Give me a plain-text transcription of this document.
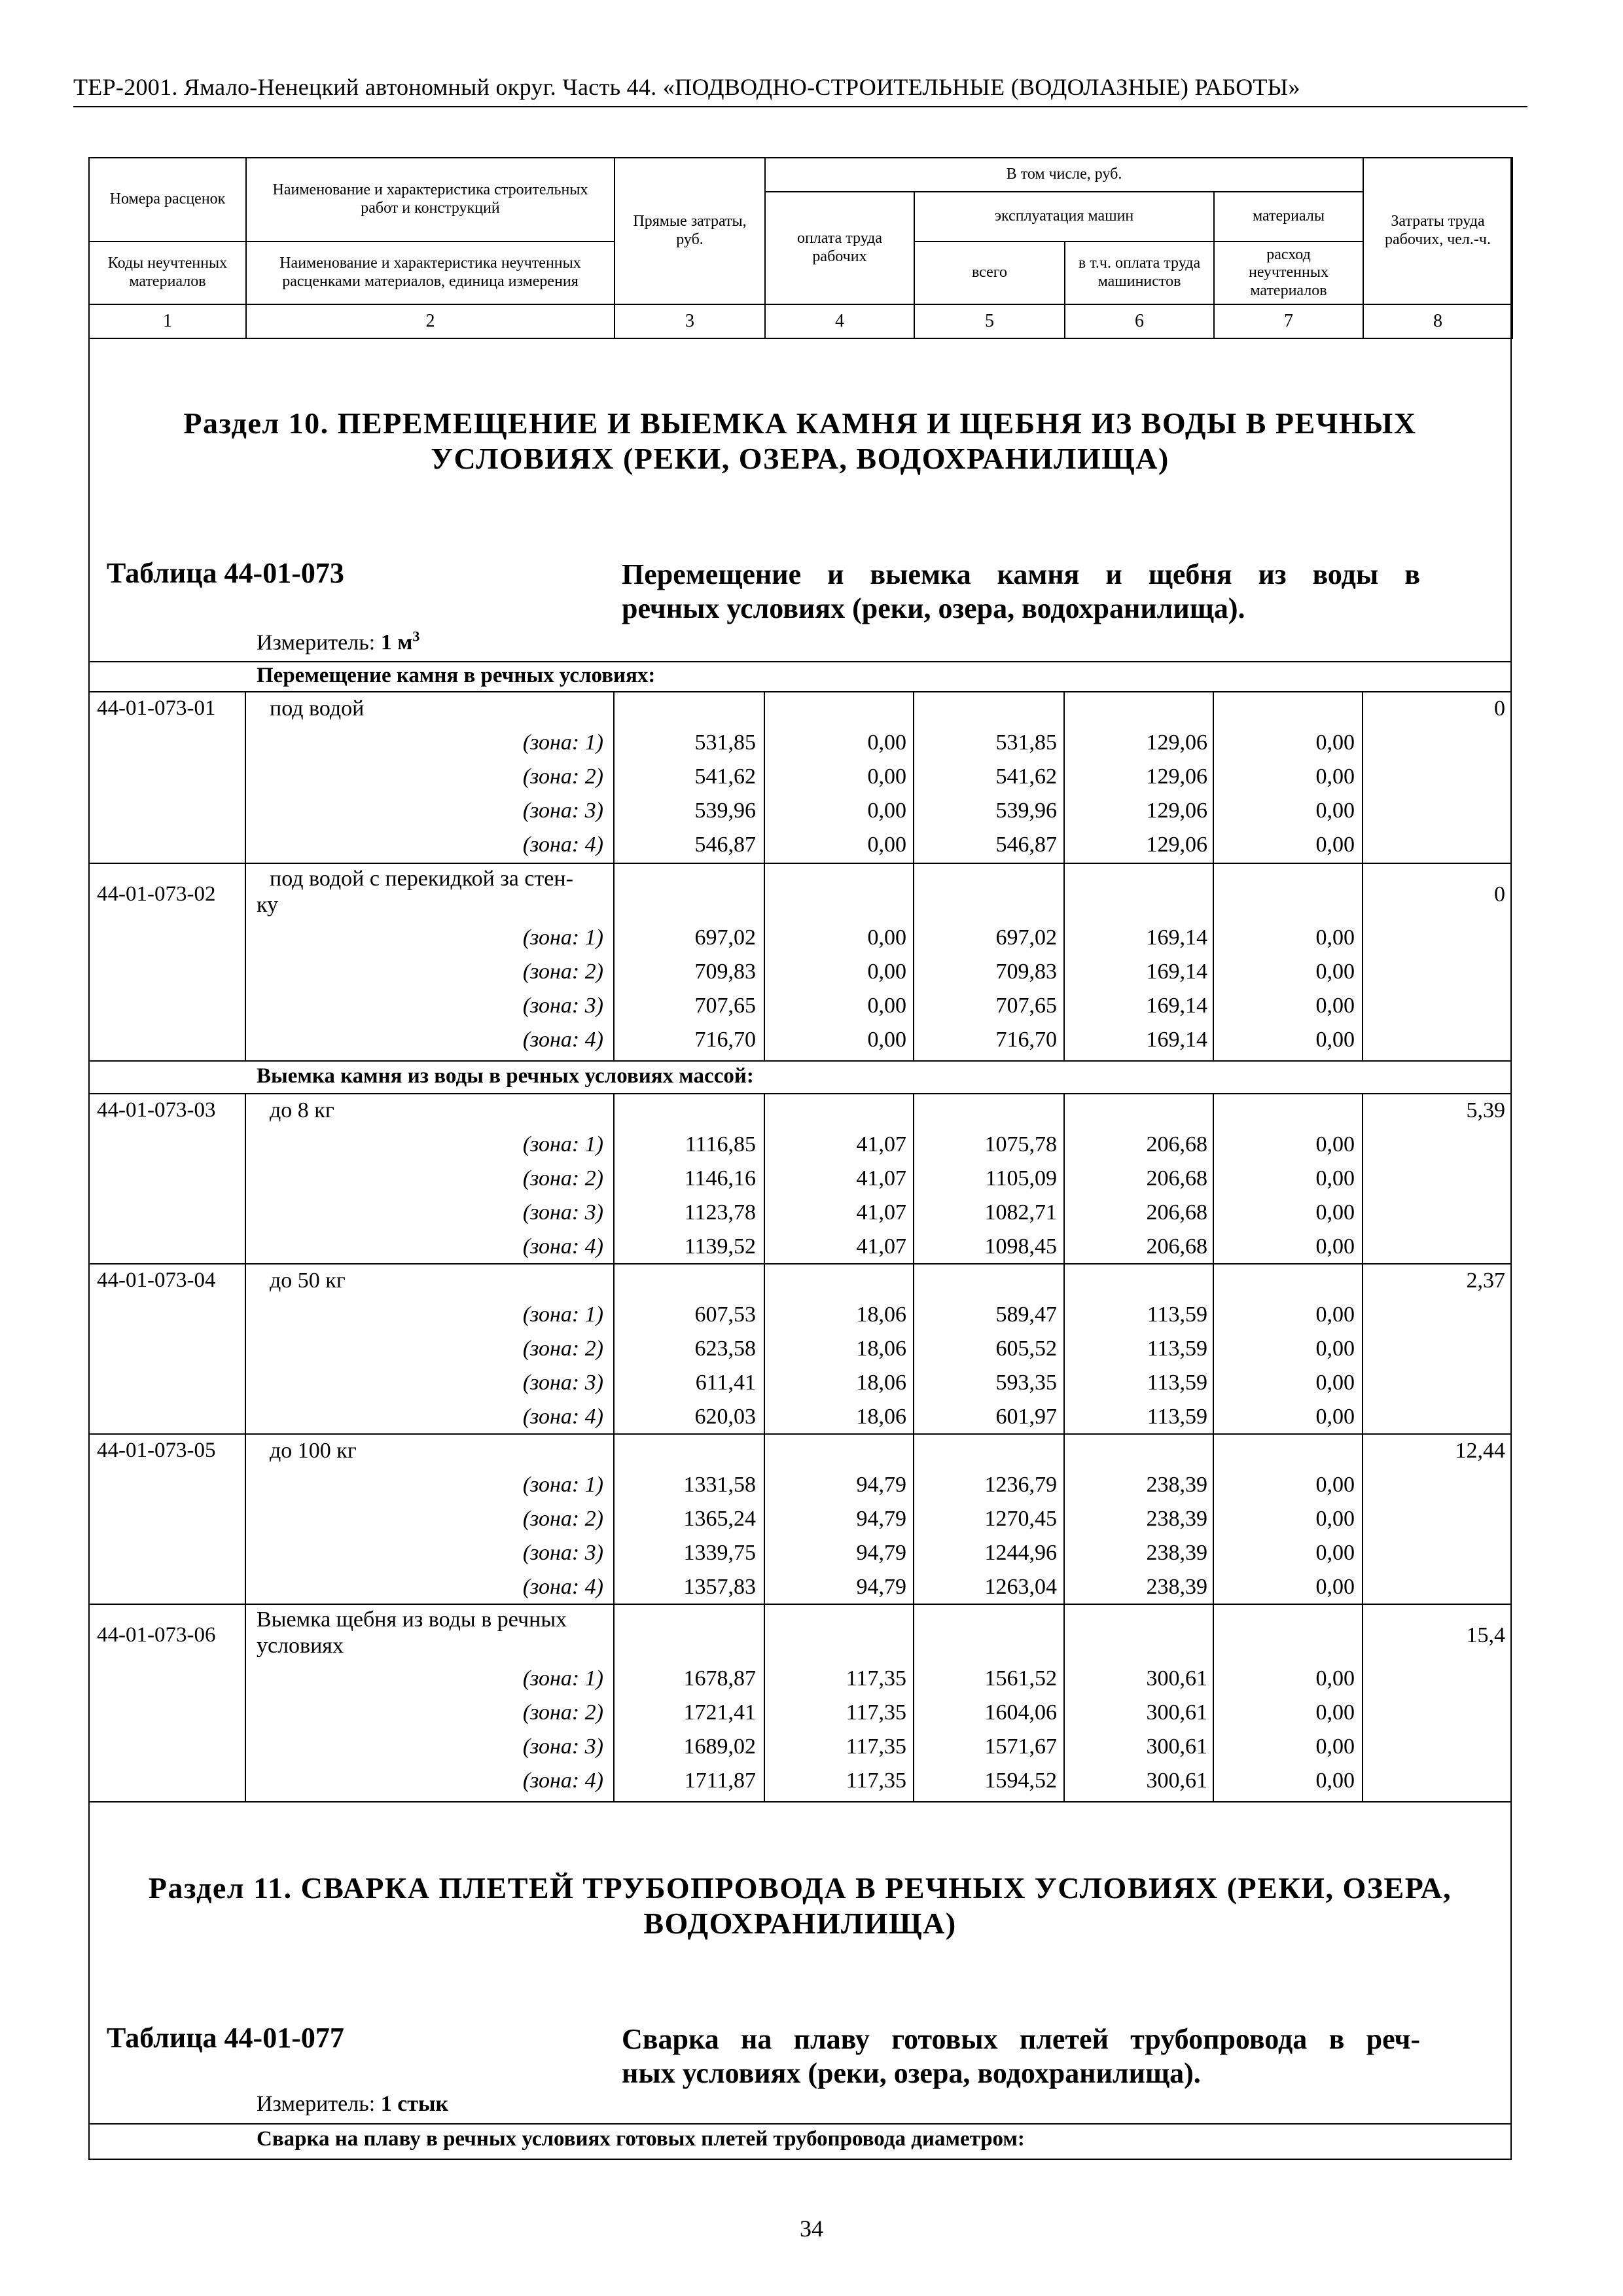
ТЕР-2001. Ямало-Ненецкий автономный округ. Часть 44. «ПОДВОДНО-СТРОИТЕЛЬНЫЕ (ВОДОЛАЗНЫЕ) РАБОТЫ»
Номера расценок	Наименование и характеристика строительных работ и конструкций	Прямые затраты, руб.	В том числе, руб.				Затраты труда рабочих, чел.-ч.
			оплата труда рабочих	эксплуатация машин		материалы	
Коды неучтенных материалов	Наименование и характеристика неучтенных расценками материалов, единица измерения			всего	в т.ч. оплата труда машинистов	расход неучтенных материалов	
1	2	3	4	5	6	7	8
Раздел 10. ПЕРЕМЕЩЕНИЕ И ВЫЕМКА КАМНЯ И ЩЕБНЯ ИЗ ВОДЫ В РЕЧНЫХ
УСЛОВИЯХ (РЕКИ, ОЗЕРА, ВОДОХРАНИЛИЩА)
Таблица 44-01-073	Перемещение и выемка камня и щебня из воды в
речных условиях (реки, озера, водохранилища).
Измеритель: 1 $м^3$
Перемещение камня в речных условиях:
Выемка камня из воды в речных условиях массой:
44-01-073-01	под водой	0
(зона: 1)	531,85	0,00	531,85	129,06	0,00
(зона: 2)	541,62	0,00	541,62	129,06	0,00
(зона: 3)	539,96	0,00	539,96	129,06	0,00
(зона: 4)	546,87	0,00	546,87	129,06	0,00
44-01-073-02
под водой с перекидкой за стен-
ку	0
(зона: 1)	697,02	0,00	697,02	169,14	0,00
(зона: 2)	709,83	0,00	709,83	169,14	0,00
(зона: 3)	707,65	0,00	707,65	169,14	0,00
(зона: 4)	716,70	0,00	716,70	169,14	0,00
44-01-073-03	до 8 кг	5,39
(зона: 1)	1116,85	41,07	1075,78	206,68	0,00
(зона: 2)	1146,16	41,07	1105,09	206,68	0,00
(зона: 3)	1123,78	41,07	1082,71	206,68	0,00
(зона: 4)	1139,52	41,07	1098,45	206,68	0,00
44-01-073-04	до 50 кг	2,37
(зона: 1)	607,53	18,06	589,47	113,59	0,00
(зона: 2)	623,58	18,06	605,52	113,59	0,00
(зона: 3)	611,41	18,06	593,35	113,59	0,00
(зона: 4)	620,03	18,06	601,97	113,59	0,00
44-01-073-05	до 100 кг	12,44
(зона: 1)	1331,58	94,79	1236,79	238,39	0,00
(зона: 2)	1365,24	94,79	1270,45	238,39	0,00
(зона: 3)	1339,75	94,79	1244,96	238,39	0,00
(зона: 4)	1357,83	94,79	1263,04	238,39	0,00
44-01-073-06
Выемка щебня из воды в речных
условиях	15,4
(зона: 1)	1678,87	117,35	1561,52	300,61	0,00
(зона: 2)	1721,41	117,35	1604,06	300,61	0,00
(зона: 3)	1689,02	117,35	1571,67	300,61	0,00
(зона: 4)	1711,87	117,35	1594,52	300,61	0,00
Раздел 11. СВАРКА ПЛЕТЕЙ ТРУБОПРОВОДА В РЕЧНЫХ УСЛОВИЯХ (РЕКИ, ОЗЕРА,
ВОДОХРАНИЛИЩА)
Таблица 44-01-077	Сварка на плаву готовых плетей трубопровода в реч-
ных условиях (реки, озера, водохранилища).
Измеритель: 1 стык
Сварка на плаву в речных условиях готовых плетей трубопровода диаметром:
34
